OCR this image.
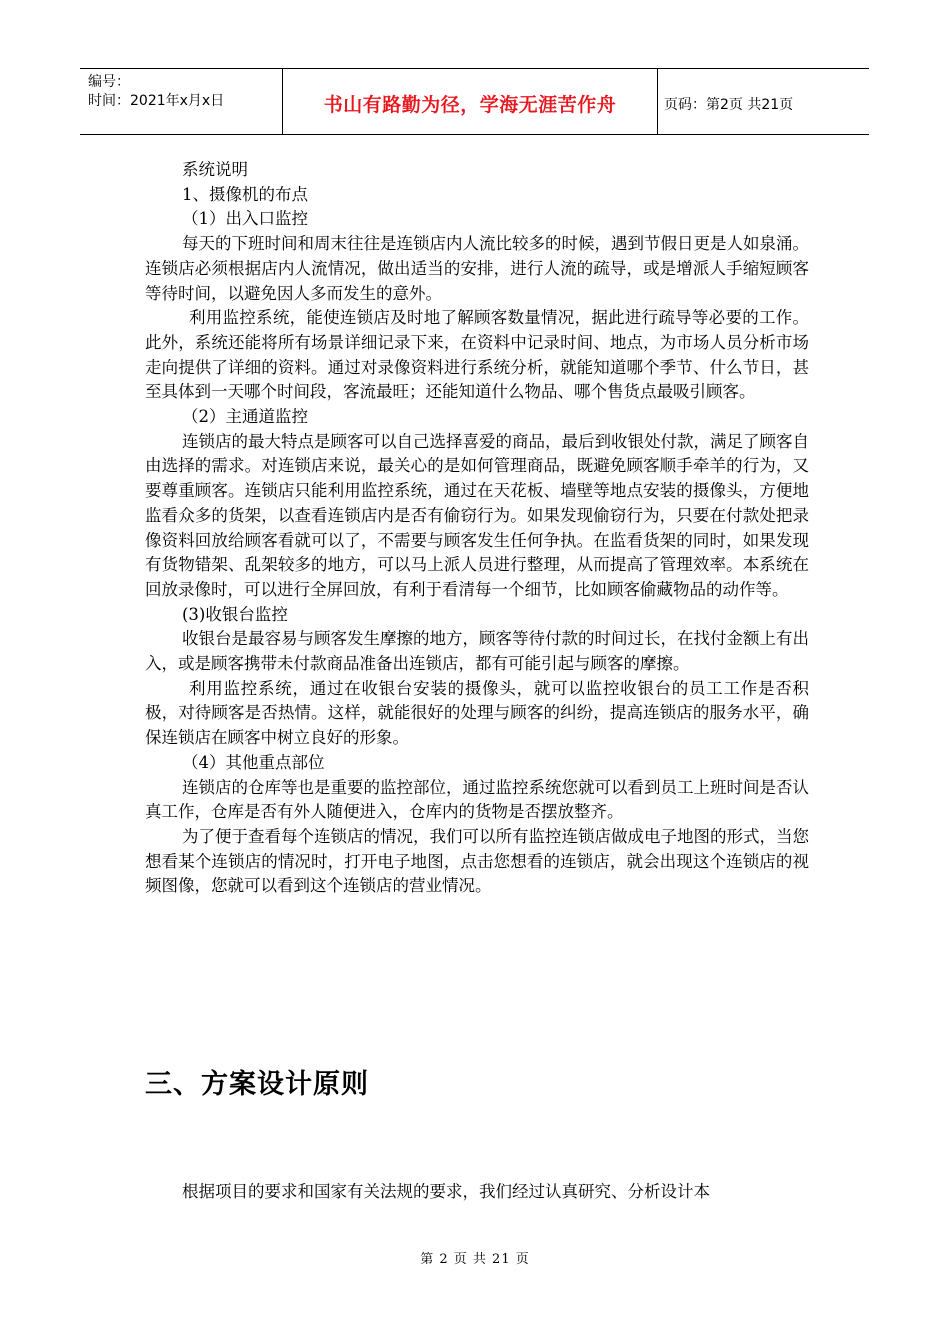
编号：
时间：2021年x月x日	书山有路勤为径，学海无涯苦作舟	页码：第2页 共21页

系统说明

1、摄像机的布点

（1）出入口监控

每天的下班时间和周末往往是连锁店内人流比较多的时候，遇到节假日更是人如泉涌。连锁店必须根据店内人流情况，做出适当的安排，进行人流的疏导，或是增派人手缩短顾客等待时间，以避免因人多而发生的意外。

利用监控系统，能使连锁店及时地了解顾客数量情况，据此进行疏导等必要的工作。此外，系统还能将所有场景详细记录下来，在资料中记录时间、地点，为市场人员分析市场走向提供了详细的资料。通过对录像资料进行系统分析，就能知道哪个季节、什么节日，甚至具体到一天哪个时间段，客流最旺；还能知道什么物品、哪个售货点最吸引顾客。

（2）主通道监控

连锁店的最大特点是顾客可以自己选择喜爱的商品，最后到收银处付款，满足了顾客自由选择的需求。对连锁店来说，最关心的是如何管理商品，既避免顾客顺手牵羊的行为，又要尊重顾客。连锁店只能利用监控系统，通过在天花板、墙壁等地点安装的摄像头，方便地监看众多的货架，以查看连锁店内是否有偷窃行为。如果发现偷窃行为，只要在付款处把录像资料回放给顾客看就可以了，不需要与顾客发生任何争执。在监看货架的同时，如果发现有货物错架、乱架较多的地方，可以马上派人员进行整理，从而提高了管理效率。本系统在回放录像时，可以进行全屏回放，有利于看清每一个细节，比如顾客偷藏物品的动作等。

(3)收银台监控

收银台是最容易与顾客发生摩擦的地方，顾客等待付款的时间过长，在找付金额上有出入，或是顾客携带未付款商品准备出连锁店，都有可能引起与顾客的摩擦。

利用监控系统，通过在收银台安装的摄像头，就可以监控收银台的员工工作是否积极，对待顾客是否热情。这样，就能很好的处理与顾客的纠纷，提高连锁店的服务水平，确保连锁店在顾客中树立良好的形象。

（4）其他重点部位

连锁店的仓库等也是重要的监控部位，通过监控系统您就可以看到员工上班时间是否认真工作，仓库是否有外人随便进入，仓库内的货物是否摆放整齐。

为了便于查看每个连锁店的情况，我们可以所有监控连锁店做成电子地图的形式，当您想看某个连锁店的情况时，打开电子地图，点击您想看的连锁店，就会出现这个连锁店的视频图像，您就可以看到这个连锁店的营业情况。

三、方案设计原则
根据项目的要求和国家有关法规的要求，我们经过认真研究、分析设计本
第 2 页 共 21 页
